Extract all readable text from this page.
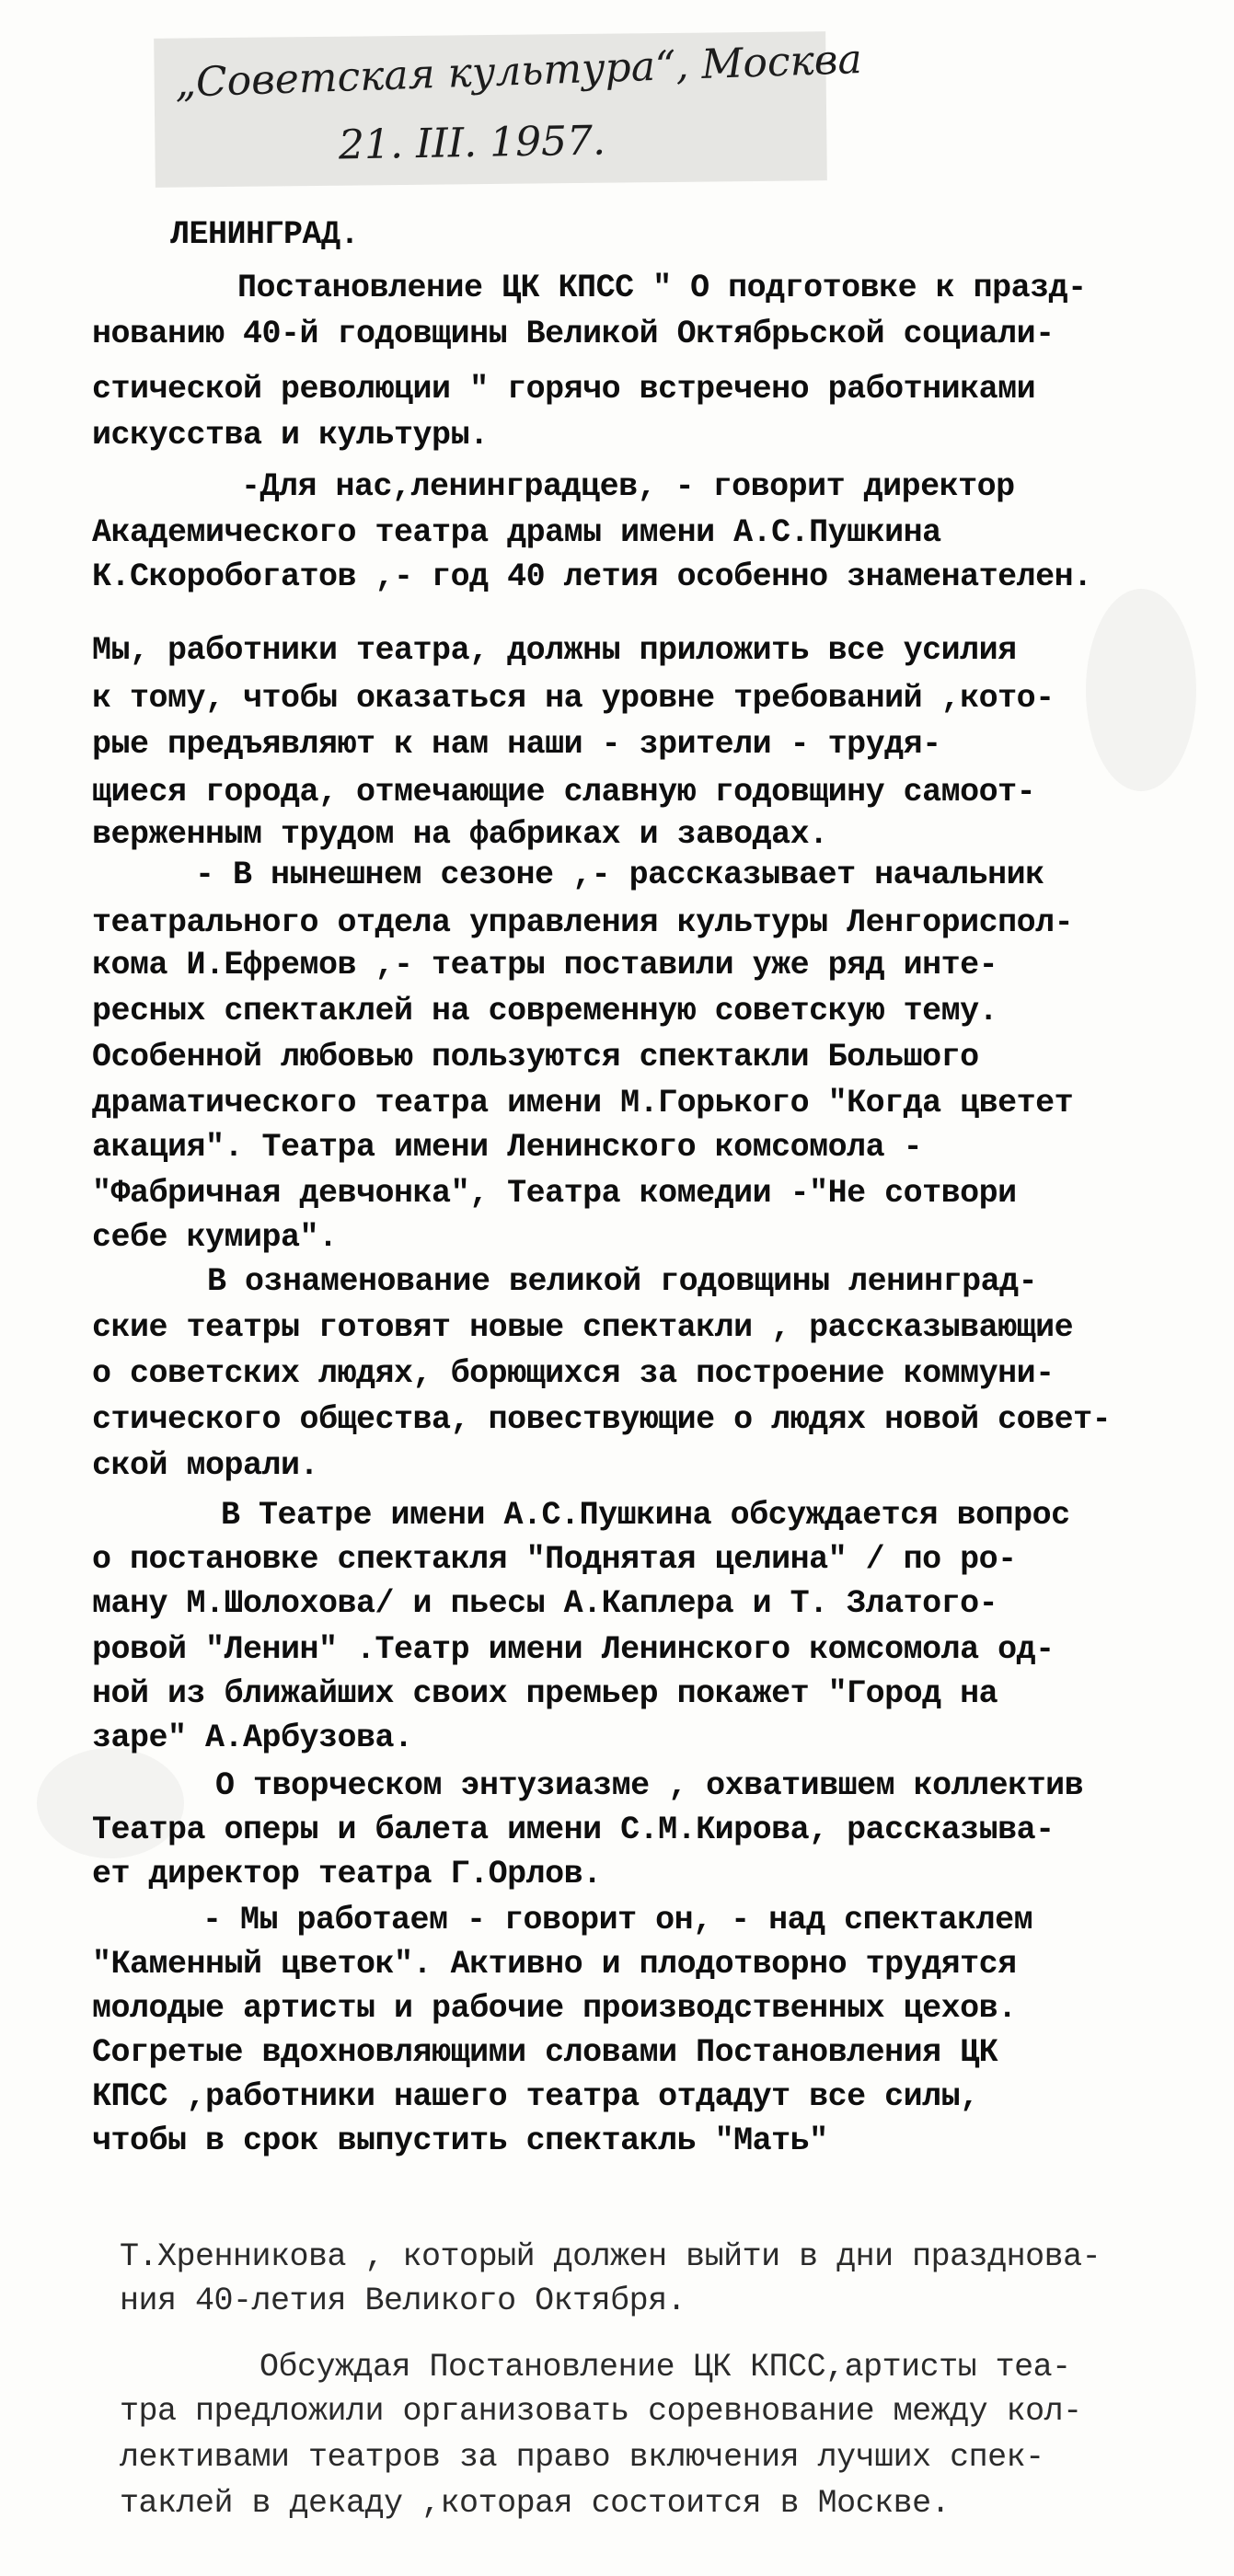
„Советская культура“, Москва
21. III. 1957.
ЛЕНИНГРАД.
Постановление ЦК КПСС " О подготовке к празд-
нованию 40-й годовщины Великой Октябрьской социали-
стической революции " горячо встречено работниками
искусства и культуры.
-Для нас,ленинградцев, - говорит директор
Академического театра драмы имени А.С.Пушкина
К.Скоробогатов ,- год 40 летия особенно знаменателен.
Мы, работники театра, должны приложить все усилия
к тому, чтобы оказаться на уровне требований ,кото-
рые предъявляют к нам наши - зрители - трудя-
щиеся города, отмечающие славную годовщину самоот-
верженным трудом на фабриках и заводах.
- В нынешнем сезоне ,- рассказывает начальник
театрального отдела управления культуры Ленгориспол-
кома И.Ефремов ,- театры поставили уже ряд инте-
ресных спектаклей на современную советскую тему.
Особенной любовью пользуются спектакли Большого
драматического театра имени М.Горького "Когда цветет
акация". Театра имени Ленинского комсомола -
"Фабричная девчонка", Театра комедии -"Не сотвори
себе кумира".
В ознаменование великой годовщины ленинград-
ские театры готовят новые спектакли , рассказывающие
о советских людях, борющихся за построение коммуни-
стического общества, повествующие о людях новой совет-
ской морали.
В Театре имени А.С.Пушкина обсуждается вопрос
о постановке спектакля "Поднятая целина" / по ро-
ману М.Шолохова/ и пьесы А.Каплера и Т. Златого-
ровой "Ленин" .Театр имени Ленинского комсомола од-
ной из ближайших своих премьер покажет "Город на
заре" А.Арбузова.
О творческом энтузиазме , охватившем коллектив
Театра оперы и балета имени С.М.Кирова, рассказыва-
ет директор театра Г.Орлов.
- Мы работаем - говорит он, - над спектаклем
"Каменный цветок". Активно и плодотворно трудятся
молодые артисты и рабочие производственных цехов.
Согретые вдохновляющими словами Постановления ЦК
КПСС ,работники нашего театра отдадут все силы,
чтобы в срок выпустить спектакль "Мать"
Т.Хренникова , который должен выйти в дни празднова-
ния 40-летия Великого Октября.
Обсуждая Постановление ЦК КПСС,артисты теа-
тра предложили организовать соревнование между кол-
лективами театров за право включения лучших спек-
таклей в декаду ,которая состоится в Москве.
